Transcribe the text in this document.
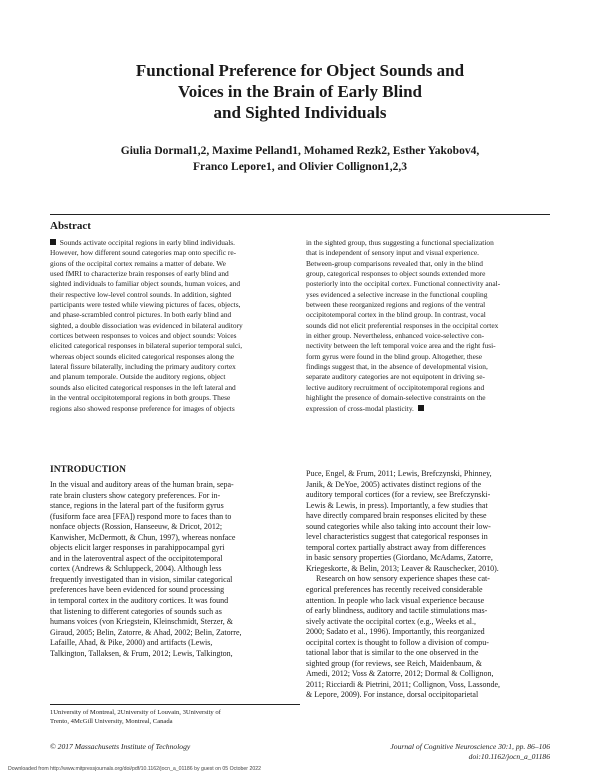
Functional Preference for Object Sounds and
Voices in the Brain of Early Blind
and Sighted Individuals
Giulia Dormal1,2, Maxime Pelland1, Mohamed Rezk2, Esther Yakobov4,
Franco Lepore1, and Olivier Collignon1,2,3
Abstract
Sounds activate occipital regions in early blind individuals.
However, how different sound categories map onto specific re-
gions of the occipital cortex remains a matter of debate. We
used fMRI to characterize brain responses of early blind and
sighted individuals to familiar object sounds, human voices, and
their respective low-level control sounds. In addition, sighted
participants were tested while viewing pictures of faces, objects,
and phase-scrambled control pictures. In both early blind and
sighted, a double dissociation was evidenced in bilateral auditory
cortices between responses to voices and object sounds: Voices
elicited categorical responses in bilateral superior temporal sulci,
whereas object sounds elicited categorical responses along the
lateral fissure bilaterally, including the primary auditory cortex
and planum temporale. Outside the auditory regions, object
sounds also elicited categorical responses in the left lateral and
in the ventral occipitotemporal regions in both groups. These
regions also showed response preference for images of objects
in the sighted group, thus suggesting a functional specialization
that is independent of sensory input and visual experience.
Between-group comparisons revealed that, only in the blind
group, categorical responses to object sounds extended more
posteriorly into the occipital cortex. Functional connectivity anal-
yses evidenced a selective increase in the functional coupling
between these reorganized regions and regions of the ventral
occipitotemporal cortex in the blind group. In contrast, vocal
sounds did not elicit preferential responses in the occipital cortex
in either group. Nevertheless, enhanced voice-selective con-
nectivity between the left temporal voice area and the right fusi-
form gyrus were found in the blind group. Altogether, these
findings suggest that, in the absence of developmental vision,
separate auditory categories are not equipotent in driving se-
lective auditory recruitment of occipitotemporal regions and
highlight the presence of domain-selective constraints on the
expression of cross-modal plasticity.
INTRODUCTION
In the visual and auditory areas of the human brain, sepa-
rate brain clusters show category preferences. For in-
stance, regions in the lateral part of the fusiform gyrus
(fusiform face area [FFA]) respond more to faces than to
nonface objects (Rossion, Hanseeuw, & Dricot, 2012;
Kanwisher, McDermott, & Chun, 1997), whereas nonface
objects elicit larger responses in parahippocampal gyri
and in the lateroventral aspect of the occipitotemporal
cortex (Andrews & Schluppeck, 2004). Although less
frequently investigated than in vision, similar categorical
preferences have been evidenced for sound processing
in temporal cortex in the auditory cortices. It was found
that listening to different categories of sounds such as
humans voices (von Kriegstein, Kleinschmidt, Sterzer, &
Giraud, 2005; Belin, Zatorre, & Ahad, 2002; Belin, Zatorre,
Lafaille, Ahad, & Pike, 2000) and artifacts (Lewis,
Talkington, Tallaksen, & Frum, 2012; Lewis, Talkington,
Puce, Engel, & Frum, 2011; Lewis, Brefczynski, Phinney,
Janik, & DeYoe, 2005) activates distinct regions of the
auditory temporal cortices (for a review, see Brefczynski-
Lewis & Lewis, in press). Importantly, a few studies that
have directly compared brain responses elicited by these
sound categories while also taking into account their low-
level characteristics suggest that categorical responses in
temporal cortex partially abstract away from differences
in basic sensory properties (Giordano, McAdams, Zatorre,
Kriegeskorte, & Belin, 2013; Leaver & Rauschecker, 2010).
Research on how sensory experience shapes these cat-
egorical preferences has recently received considerable
attention. In people who lack visual experience because
of early blindness, auditory and tactile stimulations mas-
sively activate the occipital cortex (e.g., Weeks et al.,
2000; Sadato et al., 1996). Importantly, this reorganized
occipital cortex is thought to follow a division of compu-
tational labor that is similar to the one observed in the
sighted group (for reviews, see Reich, Maidenbaum, &
Amedi, 2012; Voss & Zatorre, 2012; Dormal & Collignon,
2011; Ricciardi & Pietrini, 2011; Collignon, Voss, Lassonde,
& Lepore, 2009). For instance, dorsal occipitoparietal
1University of Montreal, 2University of Louvain, 3University of
Trento, 4McGill University, Montreal, Canada
© 2017 Massachusetts Institute of Technology	Journal of Cognitive Neuroscience 30:1, pp. 86–106
doi:10.1162/jocn_a_01186
Downloaded from http://www.mitpressjournals.org/doi/pdf/10.1162/jocn_a_01186 by guest on 05 October 2022
